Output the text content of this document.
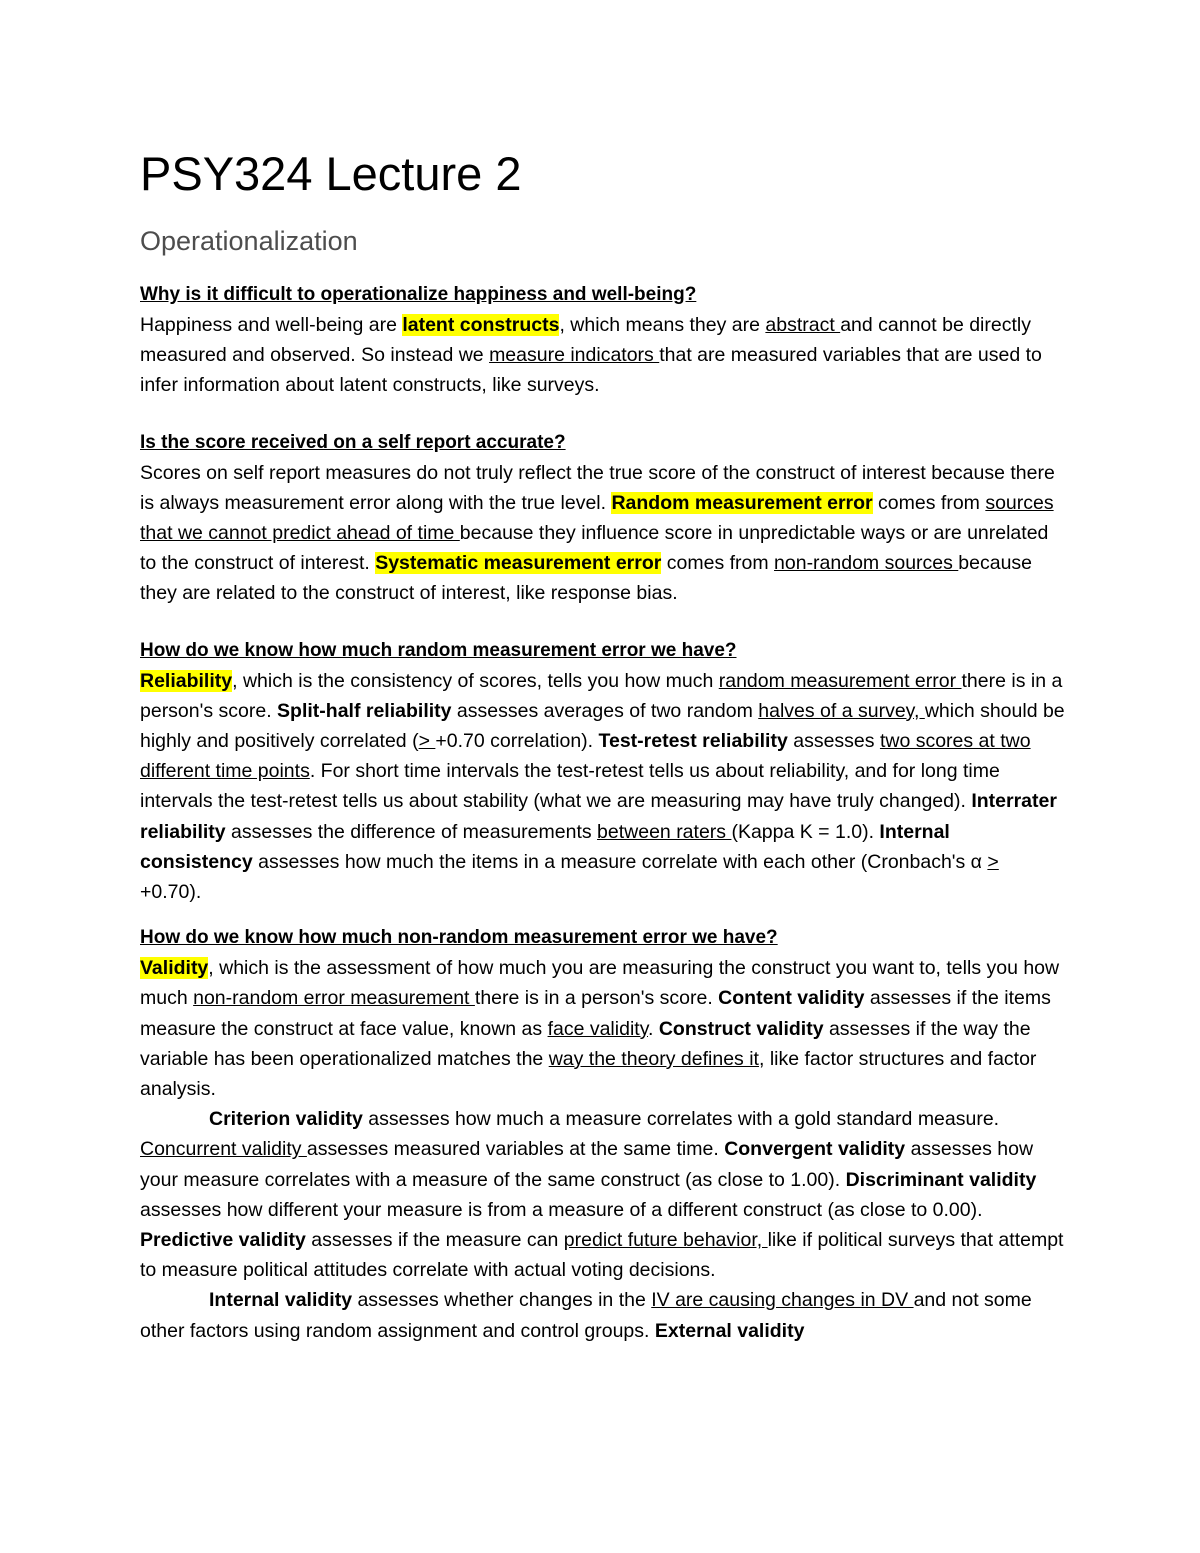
PSY324 Lecture 2
Operationalization

Why is it difficult to operationalize happiness and well-being?

Happiness and well-being are latent constructs, which means they are abstract and cannot be directly measured and observed. So instead we measure indicators that are measured variables that are used to infer information about latent constructs, like surveys.

Is the score received on a self report accurate?

Scores on self report measures do not truly reflect the true score of the construct of interest because there is always measurement error along with the true level. Random measurement error comes from sources that we cannot predict ahead of time because they influence score in unpredictable ways or are unrelated to the construct of interest. Systematic measurement error comes from non-random sources because they are related to the construct of interest, like response bias.

How do we know how much random measurement error we have?

Reliability, which is the consistency of scores, tells you how much random measurement error there is in a person's score. Split-half reliability assesses averages of two random halves of a survey, which should be highly and positively correlated (> +0.70 correlation). Test-retest reliability assesses two scores at two different time points. For short time intervals the test-retest tells us about reliability, and for long time intervals the test-retest tells us about stability (what we are measuring may have truly changed). Interrater reliability assesses the difference of measurements between raters (Kappa K = 1.0). Internal consistency assesses how much the items in a measure correlate with each other (Cronbach's α > +0.70).

How do we know how much non-random measurement error we have?

Validity, which is the assessment of how much you are measuring the construct you want to, tells you how much non-random error measurement there is in a person's score. Content validity assesses if the items measure the construct at face value, known as face validity. Construct validity assesses if the way the variable has been operationalized matches the way the theory defines it, like factor structures and factor analysis.

Criterion validity assesses how much a measure correlates with a gold standard measure. Concurrent validity assesses measured variables at the same time. Convergent validity assesses how your measure correlates with a measure of the same construct (as close to 1.00). Discriminant validity assesses how different your measure is from a measure of a different construct (as close to 0.00). Predictive validity assesses if the measure can predict future behavior, like if political surveys that attempt to measure political attitudes correlate with actual voting decisions.

Internal validity assesses whether changes in the IV are causing changes in DV and not some other factors using random assignment and control groups. External validity
